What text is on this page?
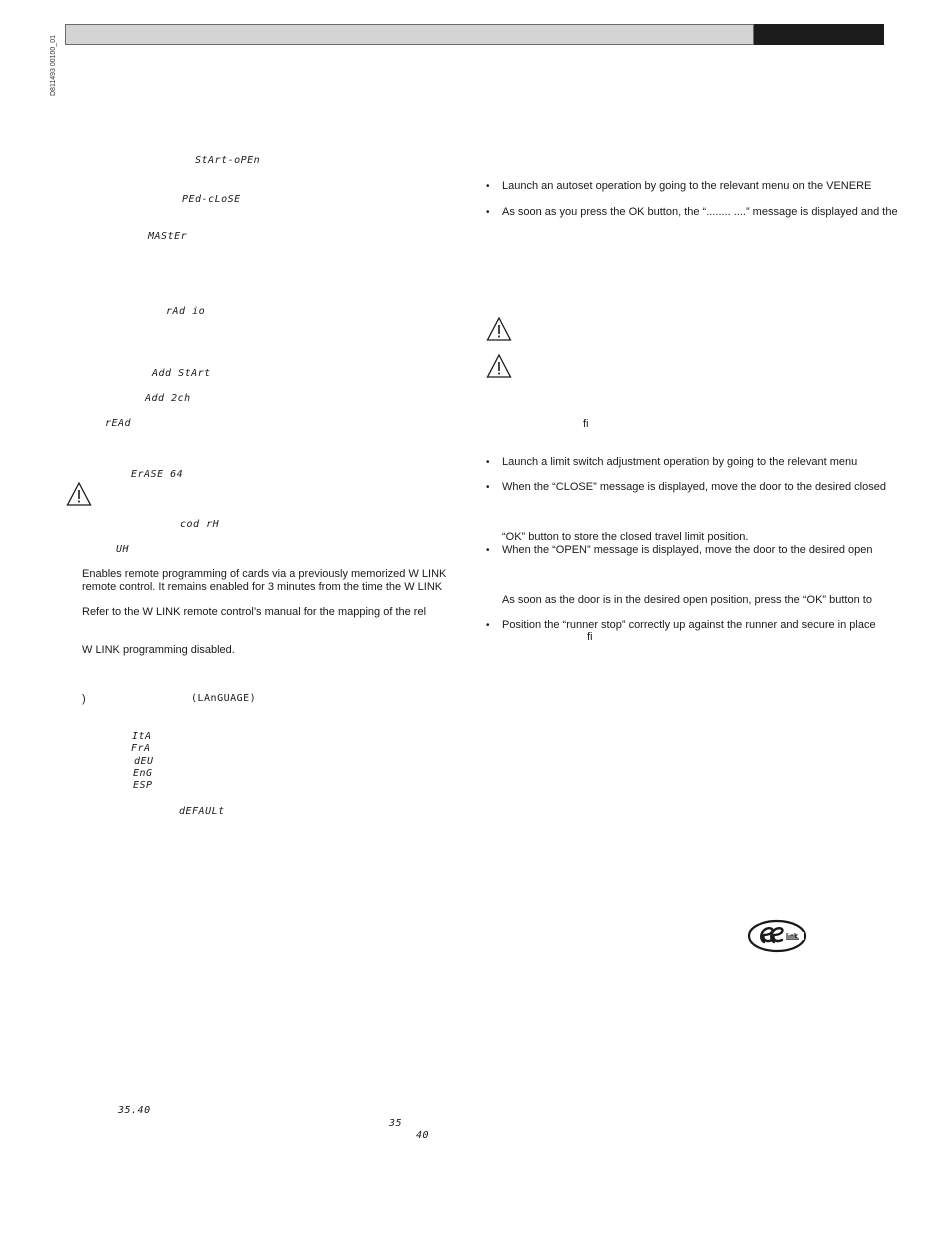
D811493 00100_01
StArt-oPEn
PEd-cLoSE
MAStEr
rAd io
Add StArt
Add 2ch
rEAd
ErASE 64
cod rH
UH
Enables remote programming of cards via a previously memorized W LINK
remote control. It remains enabled for 3 minutes from the time the W LINK
Refer to the W LINK remote control’s manual for the mapping of the rel
W LINK programming disabled.
)	(LAnGUAGE)
ItA
FrA
dEU
EnG
ESP
dEFAULt
35.40
35
40
• Launch an autoset operation by going to the relevant menu on the VENERE
• As soon as you press the OK button, the “........ ....” message is displayed and the
ﬁ
• Launch a limit switch adjustment operation by going to the relevant menu
• When the “CLOSE” message is displayed, move the door to the desired closed
“OK” button to store the closed travel limit position.
• When the “OPEN” message is displayed, move the door to the desired open
As soon as the door is in the desired open position, press the “OK” button to
• Position the “runner stop” correctly up against the runner and secure in place
ﬁ
